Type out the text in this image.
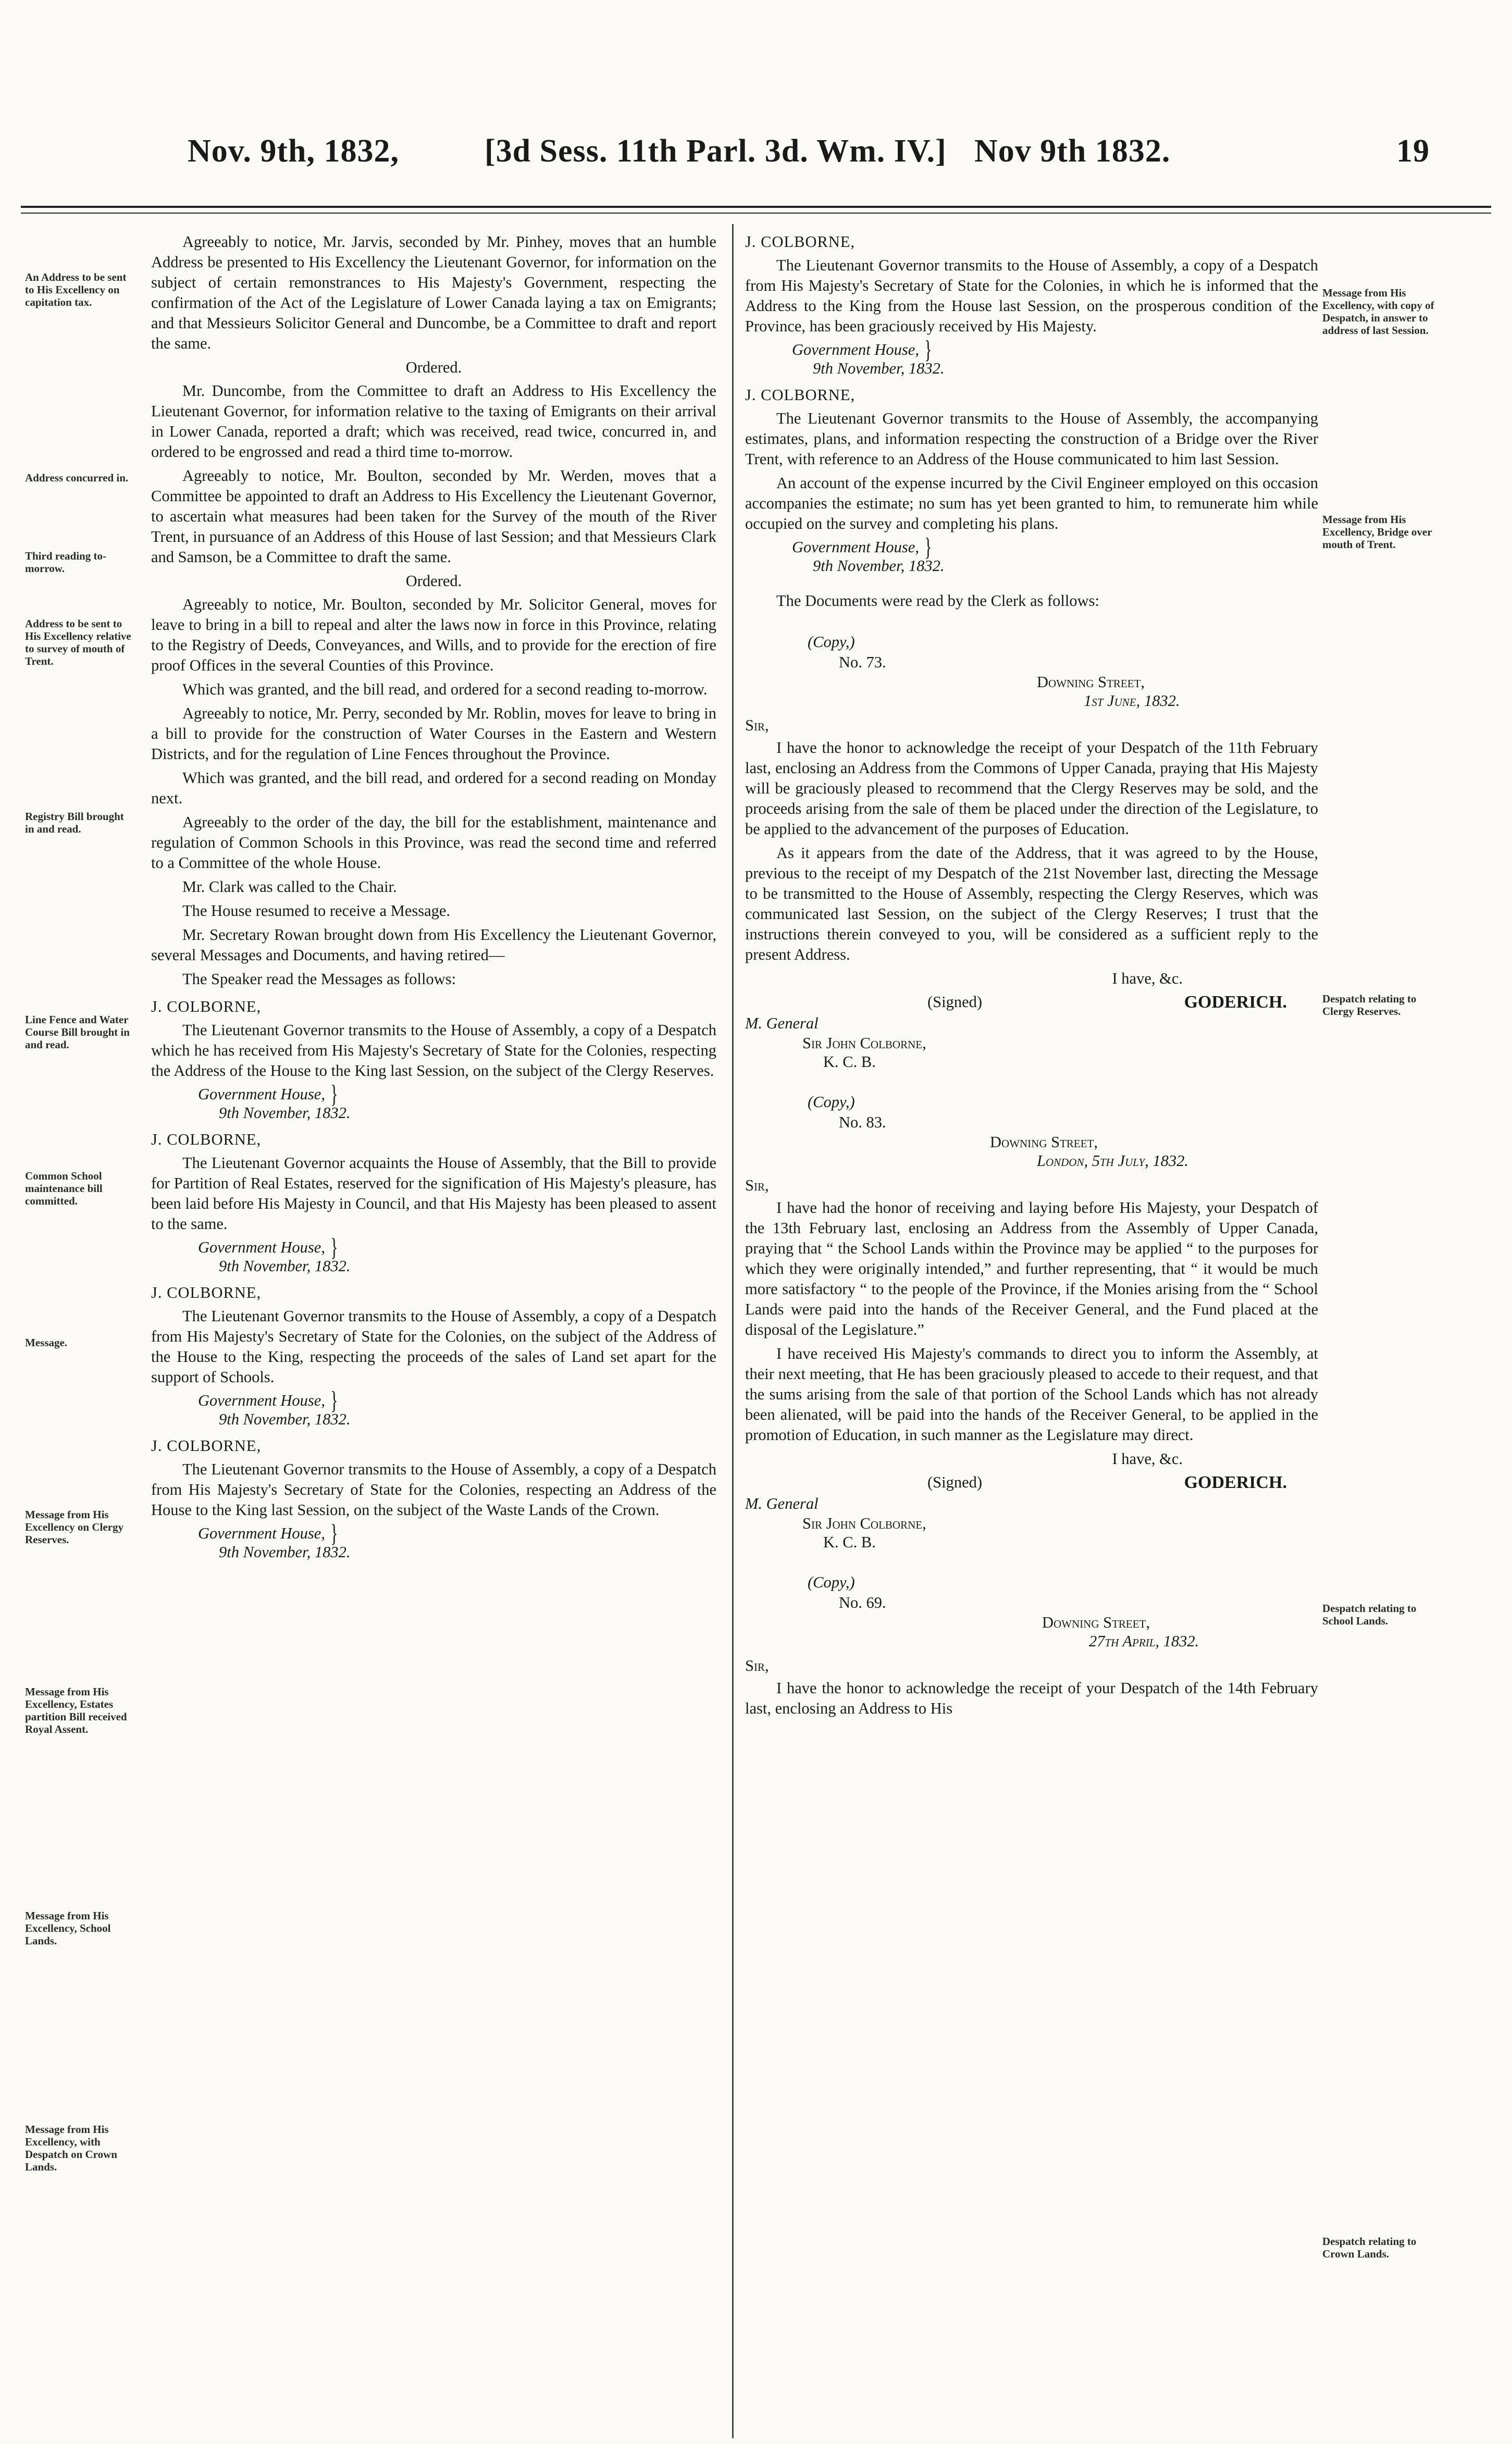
Nov. 9th, 1832,	[3d Sess. 11th Parl. 3d. Wm. IV.] Nov 9th 1832.	19
An Address to be sent to His Excellency on capitation tax.
Address concurred in.
Third reading to-morrow.
Address to be sent to His Excellency relative to survey of mouth of Trent.
Registry Bill brought in and read.
Line Fence and Water Course Bill brought in and read.
Common School maintenance bill committed.
Message.
Message from His Excellency on Clergy Reserves.
Message from His Excellency, Estates partition Bill received Royal Assent.
Message from His Excellency, School Lands.
Message from His Excellency, with Despatch on Crown Lands.
Message from His Excellency, with copy of Despatch, in answer to address of last Session.
Message from His Excellency, Bridge over mouth of Trent.
Despatch relating to Clergy Reserves.
Despatch relating to School Lands.
Despatch relating to Crown Lands.

Agreeably to notice, Mr. Jarvis, seconded by Mr. Pinhey, moves that an humble Address be presented to His Excellency the Lieutenant Governor, for information on the subject of certain remonstrances to His Majesty's Government, respecting the confirmation of the Act of the Legislature of Lower Canada laying a tax on Emigrants; and that Messieurs Solicitor General and Duncombe, be a Committee to draft and report the same.

Ordered.

Mr. Duncombe, from the Committee to draft an Address to His Excellency the Lieutenant Governor, for information relative to the taxing of Emigrants on their arrival in Lower Canada, reported a draft; which was received, read twice, concurred in, and ordered to be engrossed and read a third time to-morrow.

Agreeably to notice, Mr. Boulton, seconded by Mr. Werden, moves that a Committee be appointed to draft an Address to His Excellency the Lieutenant Governor, to ascertain what measures had been taken for the Survey of the mouth of the River Trent, in pursuance of an Address of this House of last Session; and that Messieurs Clark and Samson, be a Committee to draft the same.

Ordered.

Agreeably to notice, Mr. Boulton, seconded by Mr. Solicitor General, moves for leave to bring in a bill to repeal and alter the laws now in force in this Province, relating to the Registry of Deeds, Conveyances, and Wills, and to provide for the erection of fire proof Offices in the several Counties of this Province.

Which was granted, and the bill read, and ordered for a second reading to-morrow.

Agreeably to notice, Mr. Perry, seconded by Mr. Roblin, moves for leave to bring in a bill to provide for the construction of Water Courses in the Eastern and Western Districts, and for the regulation of Line Fences throughout the Province.

Which was granted, and the bill read, and ordered for a second reading on Monday next.

Agreeably to the order of the day, the bill for the establishment, maintenance and regulation of Common Schools in this Province, was read the second time and referred to a Committee of the whole House.

Mr. Clark was called to the Chair.

The House resumed to receive a Message.

Mr. Secretary Rowan brought down from His Excellency the Lieutenant Governor, several Messages and Documents, and having retired—

The Speaker read the Messages as follows:

J. COLBORNE,

The Lieutenant Governor transmits to the House of Assembly, a copy of a Despatch which he has received from His Majesty's Secretary of State for the Colonies, respecting the Address of the House to the King last Session, on the subject of the Clergy Reserves.

Government House, }
9th November, 1832.

J. COLBORNE,

The Lieutenant Governor acquaints the House of Assembly, that the Bill to provide for Partition of Real Estates, reserved for the signification of His Majesty's pleasure, has been laid before His Majesty in Council, and that His Majesty has been pleased to assent to the same.

Government House, }
9th November, 1832.

J. COLBORNE,

The Lieutenant Governor transmits to the House of Assembly, a copy of a Despatch from His Majesty's Secretary of State for the Colonies, on the subject of the Address of the House to the King, respecting the proceeds of the sales of Land set apart for the support of Schools.

Government House, }
9th November, 1832.

J. COLBORNE,

The Lieutenant Governor transmits to the House of Assembly, a copy of a Despatch from His Majesty's Secretary of State for the Colonies, respecting an Address of the House to the King last Session, on the subject of the Waste Lands of the Crown.

Government House, }
9th November, 1832.

J. COLBORNE,

The Lieutenant Governor transmits to the House of Assembly, a copy of a Despatch from His Majesty's Secretary of State for the Colonies, in which he is informed that the Address to the King from the House last Session, on the prosperous condition of the Province, has been graciously received by His Majesty.

Government House, }
9th November, 1832.

J. COLBORNE,

The Lieutenant Governor transmits to the House of Assembly, the accompanying estimates, plans, and information respecting the construction of a Bridge over the River Trent, with reference to an Address of the House communicated to him last Session.

An account of the expense incurred by the Civil Engineer employed on this occasion accompanies the estimate; no sum has yet been granted to him, to remunerate him while occupied on the survey and completing his plans.

Government House, }
9th November, 1832.

The Documents were read by the Clerk as follows:

(Copy,)

No. 73.

Downing Street,
1st June, 1832.

Sir,

I have the honor to acknowledge the receipt of your Despatch of the 11th February last, enclosing an Address from the Commons of Upper Canada, praying that His Majesty will be graciously pleased to recommend that the Clergy Reserves may be sold, and the proceeds arising from the sale of them be placed under the direction of the Legislature, to be applied to the advancement of the purposes of Education.

As it appears from the date of the Address, that it was agreed to by the House, previous to the receipt of my Despatch of the 21st November last, directing the Message to be transmitted to the House of Assembly, respecting the Clergy Reserves, which was communicated last Session, on the subject of the Clergy Reserves; I trust that the instructions therein conveyed to you, will be considered as a sufficient reply to the present Address.

I have, &c.

(Signed)	GODERICH.

M. General

Sir John Colborne,
K. C. B.

(Copy,)

No. 83.

Downing Street,
London, 5th July, 1832.

Sir,

I have had the honor of receiving and laying before His Majesty, your Despatch of the 13th February last, enclosing an Address from the Assembly of Upper Canada, praying that “ the School Lands within the Province may be applied “ to the purposes for which they were originally intended,” and further representing, that “ it would be much more satisfactory “ to the people of the Province, if the Monies arising from the “ School Lands were paid into the hands of the Receiver General, and the Fund placed at the disposal of the Legislature.”

I have received His Majesty's commands to direct you to inform the Assembly, at their next meeting, that He has been graciously pleased to accede to their request, and that the sums arising from the sale of that portion of the School Lands which has not already been alienated, will be paid into the hands of the Receiver General, to be applied in the promotion of Education, in such manner as the Legislature may direct.

I have, &c.

(Signed)	GODERICH.

M. General

Sir John Colborne,
K. C. B.

(Copy,)

No. 69.

Downing Street,
27th April, 1832.

Sir,

I have the honor to acknowledge the receipt of your Despatch of the 14th February last, enclosing an Address to His
